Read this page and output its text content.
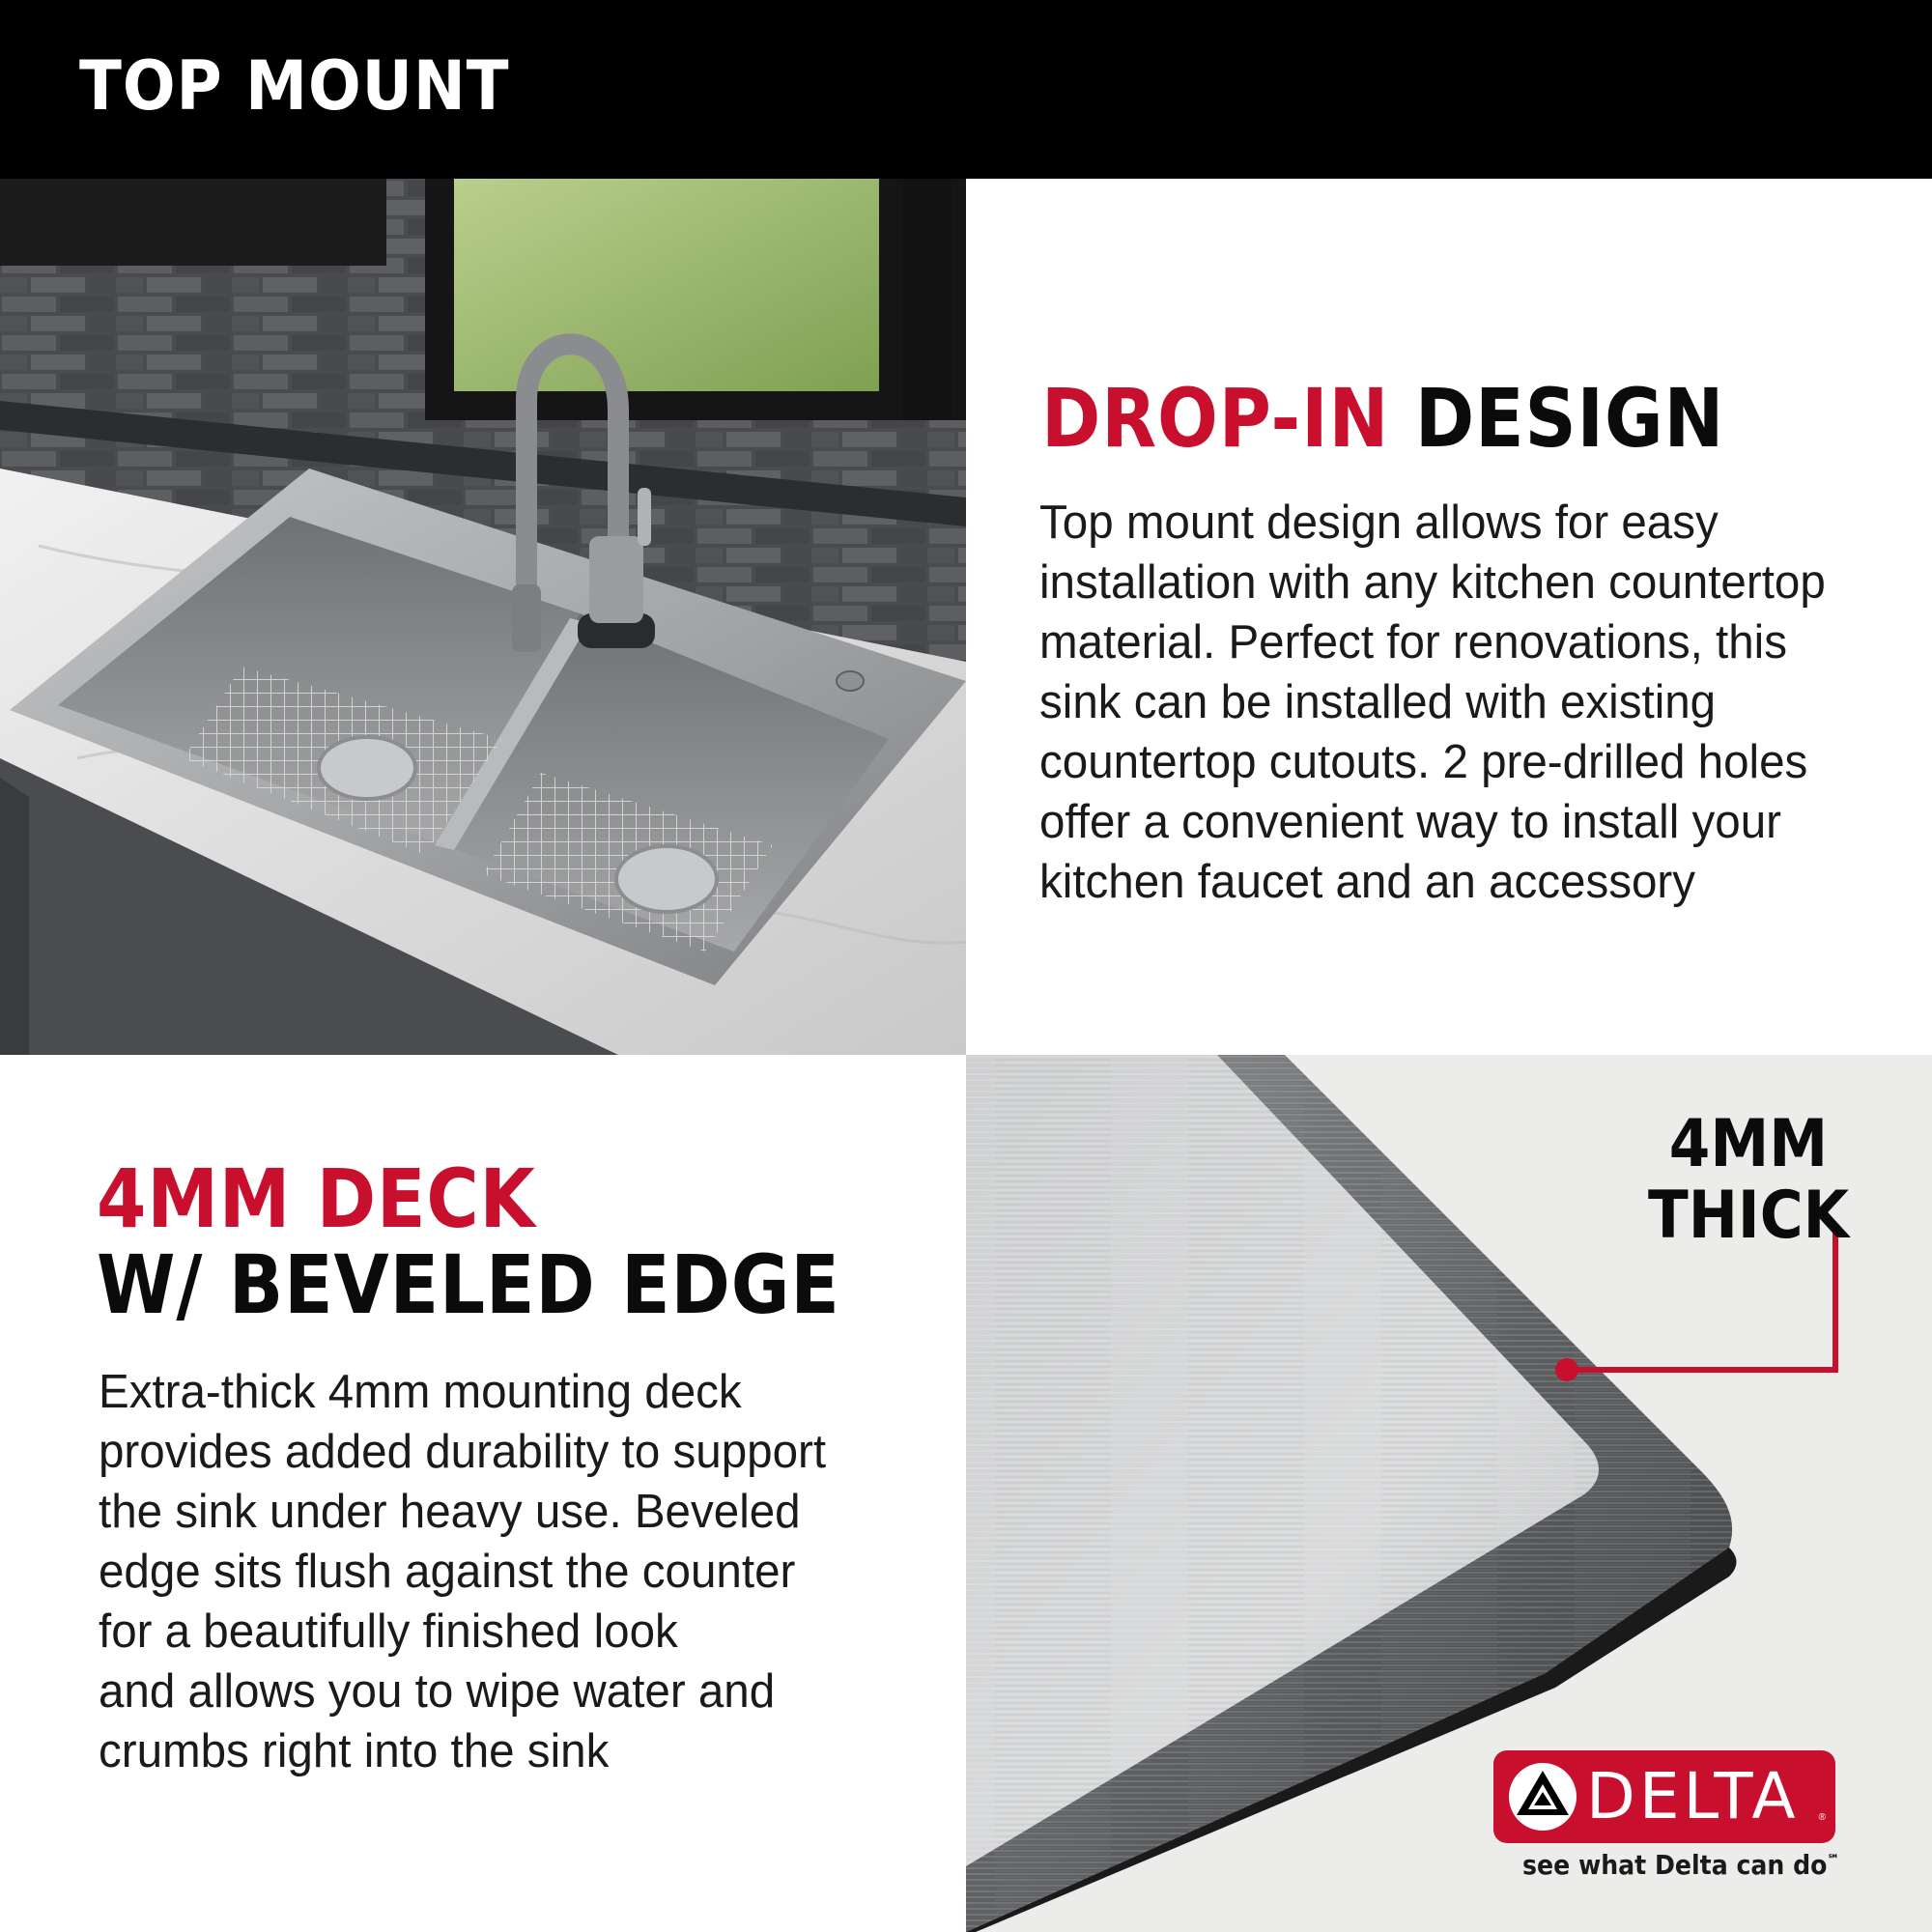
TOP MOUNT
DROP-IN DESIGN

Top mount design allows for easy
installation with any kitchen countertop
material. Perfect for renovations, this
sink can be installed with existing
countertop cutouts. 2 pre-drilled holes
offer a convenient way to install your
kitchen faucet and an accessory

4MM DECK
W/ BEVELED EDGE

Extra-thick 4mm mounting deck
provides added durability to support
the sink under heavy use. Beveled
edge sits flush against the counter
for a beautifully finished look
and allows you to wipe water and
crumbs right into the sink

4MM
THICK
DELTA ®
see what Delta can do℠
